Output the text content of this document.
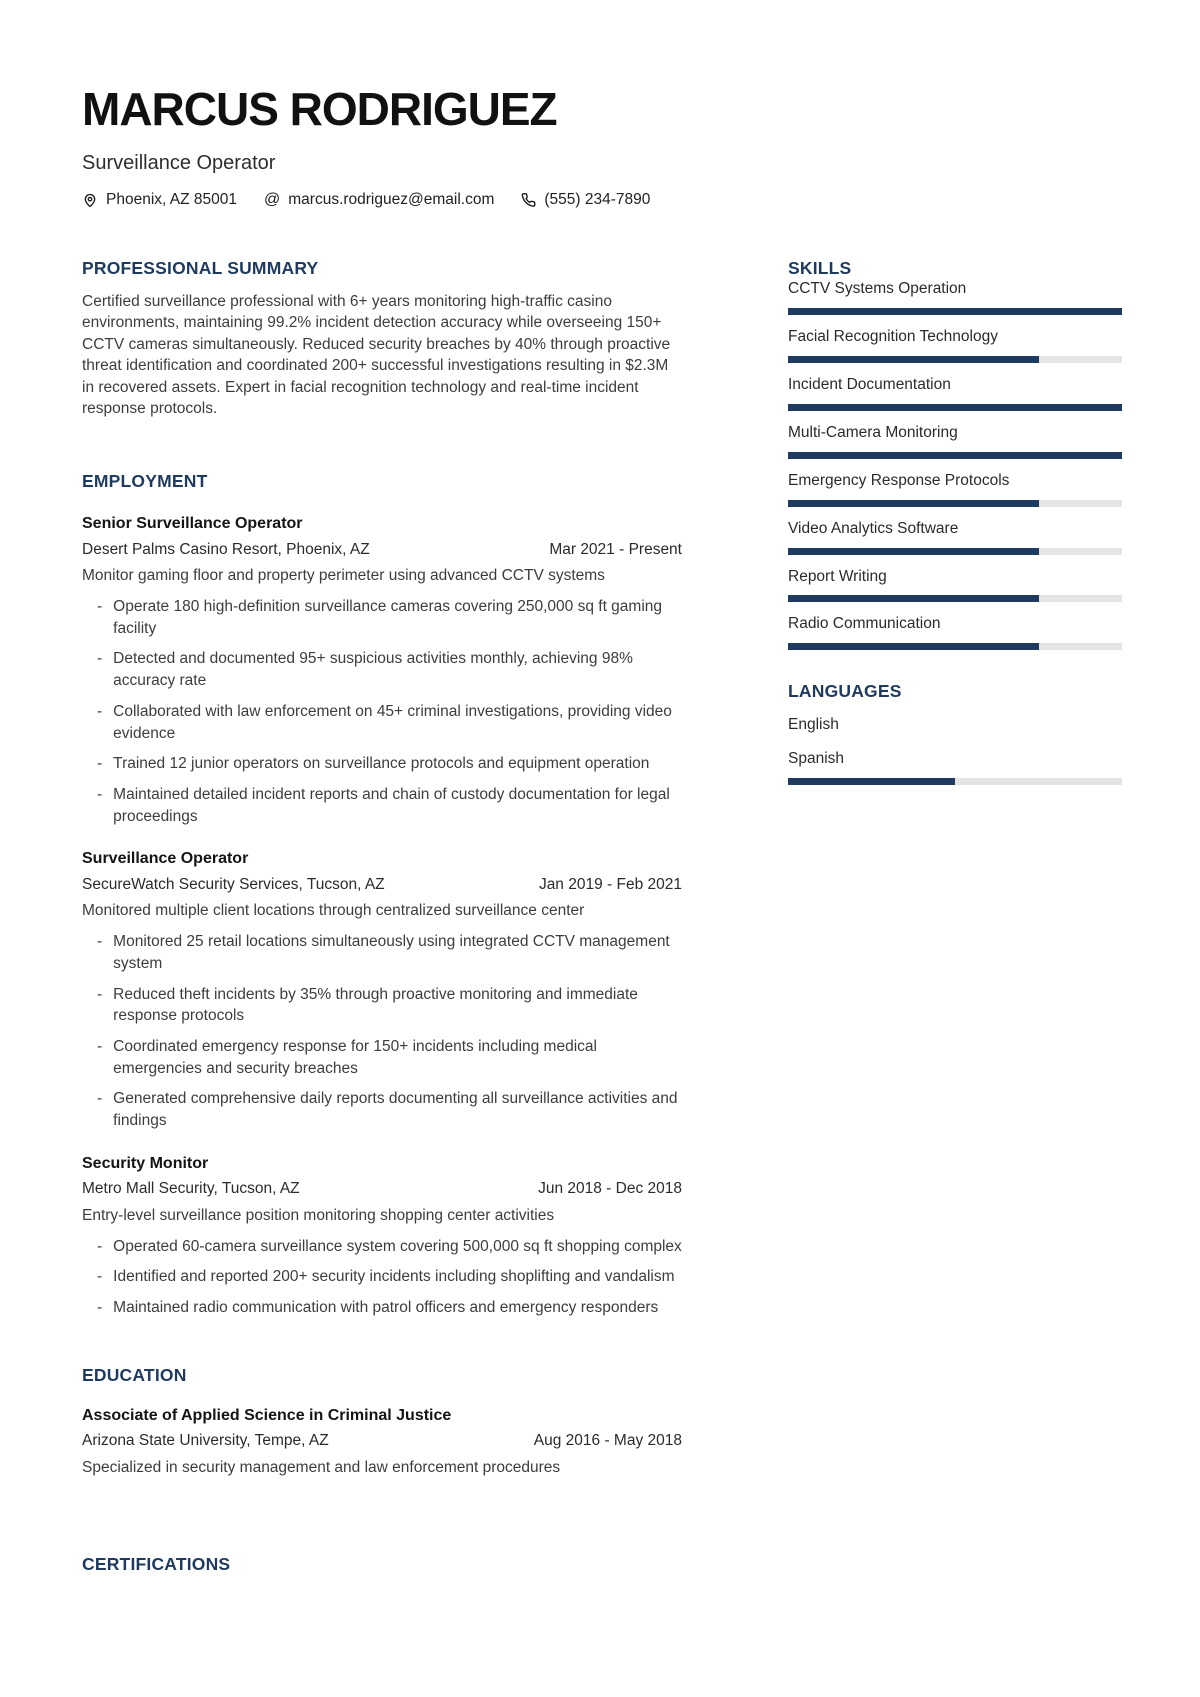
MARCUS RODRIGUEZ
Surveillance Operator
Phoenix, AZ 85001 @ marcus.rodriguez@email.com	(555) 234-7890
PROFESSIONAL SUMMARY
Certified surveillance professional with 6+ years monitoring high-traffic casino environments, maintaining 99.2% incident detection accuracy while overseeing 150+ CCTV cameras simultaneously. Reduced security breaches by 40% through proactive threat identification and coordinated 200+ successful investigations resulting in $2.3M in recovered assets. Expert in facial recognition technology and real-time incident response protocols.
EMPLOYMENT
Senior Surveillance Operator
Desert Palms Casino Resort, Phoenix, AZ	Mar 2021 - Present
Monitor gaming floor and property perimeter using advanced CCTV systems
- Operate 180 high-definition surveillance cameras covering 250,000 sq ft gaming facility
- Detected and documented 95+ suspicious activities monthly, achieving 98% accuracy rate
- Collaborated with law enforcement on 45+ criminal investigations, providing video evidence
- Trained 12 junior operators on surveillance protocols and equipment operation
- Maintained detailed incident reports and chain of custody documentation for legal proceedings
Surveillance Operator
SecureWatch Security Services, Tucson, AZ	Jan 2019 - Feb 2021
Monitored multiple client locations through centralized surveillance center
- Monitored 25 retail locations simultaneously using integrated CCTV management system
- Reduced theft incidents by 35% through proactive monitoring and immediate response protocols
- Coordinated emergency response for 150+ incidents including medical emergencies and security breaches
- Generated comprehensive daily reports documenting all surveillance activities and findings
Security Monitor
Metro Mall Security, Tucson, AZ	Jun 2018 - Dec 2018
Entry-level surveillance position monitoring shopping center activities
- Operated 60-camera surveillance system covering 500,000 sq ft shopping complex
- Identified and reported 200+ security incidents including shoplifting and vandalism
- Maintained radio communication with patrol officers and emergency responders
EDUCATION
Associate of Applied Science in Criminal Justice
Arizona State University, Tempe, AZ	Aug 2016 - May 2018
Specialized in security management and law enforcement procedures
CERTIFICATIONS
SKILLS
CCTV Systems Operation
Facial Recognition Technology
Incident Documentation
Multi-Camera Monitoring
Emergency Response Protocols
Video Analytics Software
Report Writing
Radio Communication
LANGUAGES
English
Spanish
